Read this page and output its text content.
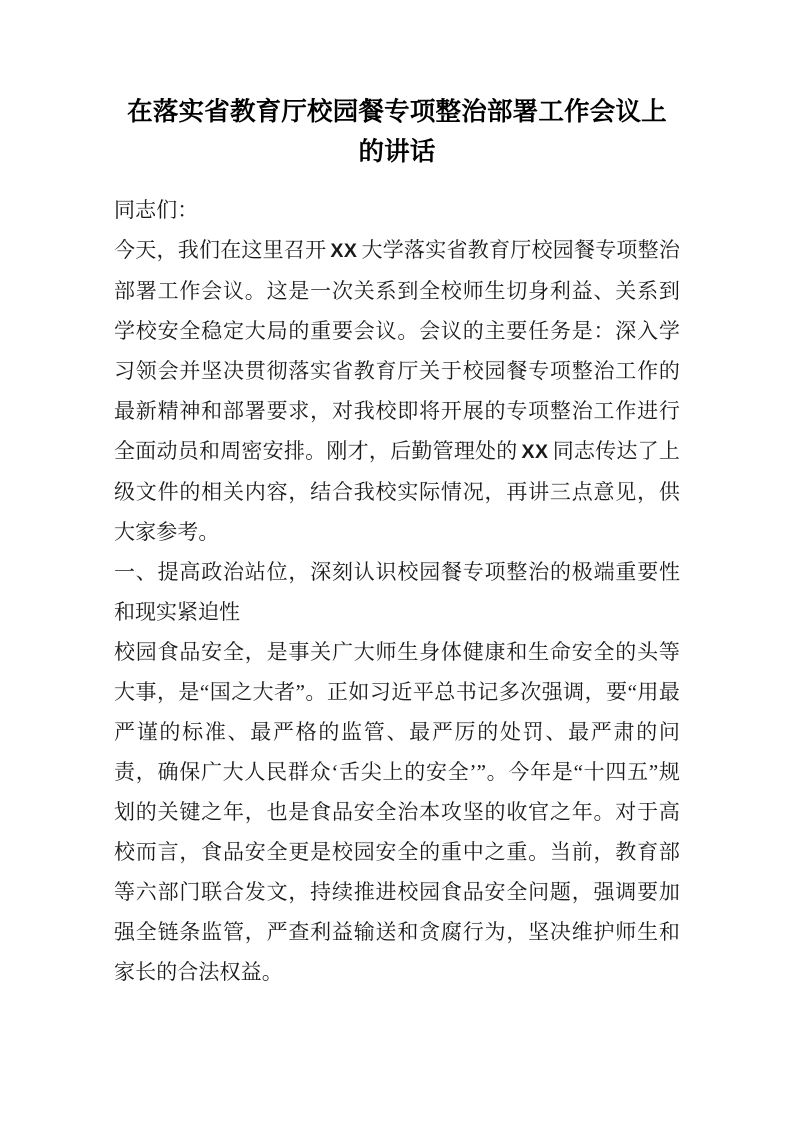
在落实省教育厅校园餐专项整治部署工作会议上的讲话

同志们：

今天，我们在这里召开 XX 大学落实省教育厅校园餐专项整治部署工作会议。这是一次关系到全校师生切身利益、关系到学校安全稳定大局的重要会议。会议的主要任务是：深入学习领会并坚决贯彻落实省教育厅关于校园餐专项整治工作的最新精神和部署要求，对我校即将开展的专项整治工作进行全面动员和周密安排。刚才，后勤管理处的 XX 同志传达了上级文件的相关内容，结合我校实际情况，再讲三点意见，供大家参考。

一、提高政治站位，深刻认识校园餐专项整治的极端重要性和现实紧迫性

校园食品安全，是事关广大师生身体健康和生命安全的头等大事，是“国之大者”。正如习近平总书记多次强调，要“用最严谨的标准、最严格的监管、最严厉的处罚、最严肃的问责，确保广大人民群众‘舌尖上的安全’”。今年是“十四五”规划的关键之年，也是食品安全治本攻坚的收官之年。对于高校而言，食品安全更是校园安全的重中之重。当前，教育部等六部门联合发文，持续推进校园食品安全问题，强调要加强全链条监管，严查利益输送和贪腐行为，坚决维护师生和家长的合法权益。
